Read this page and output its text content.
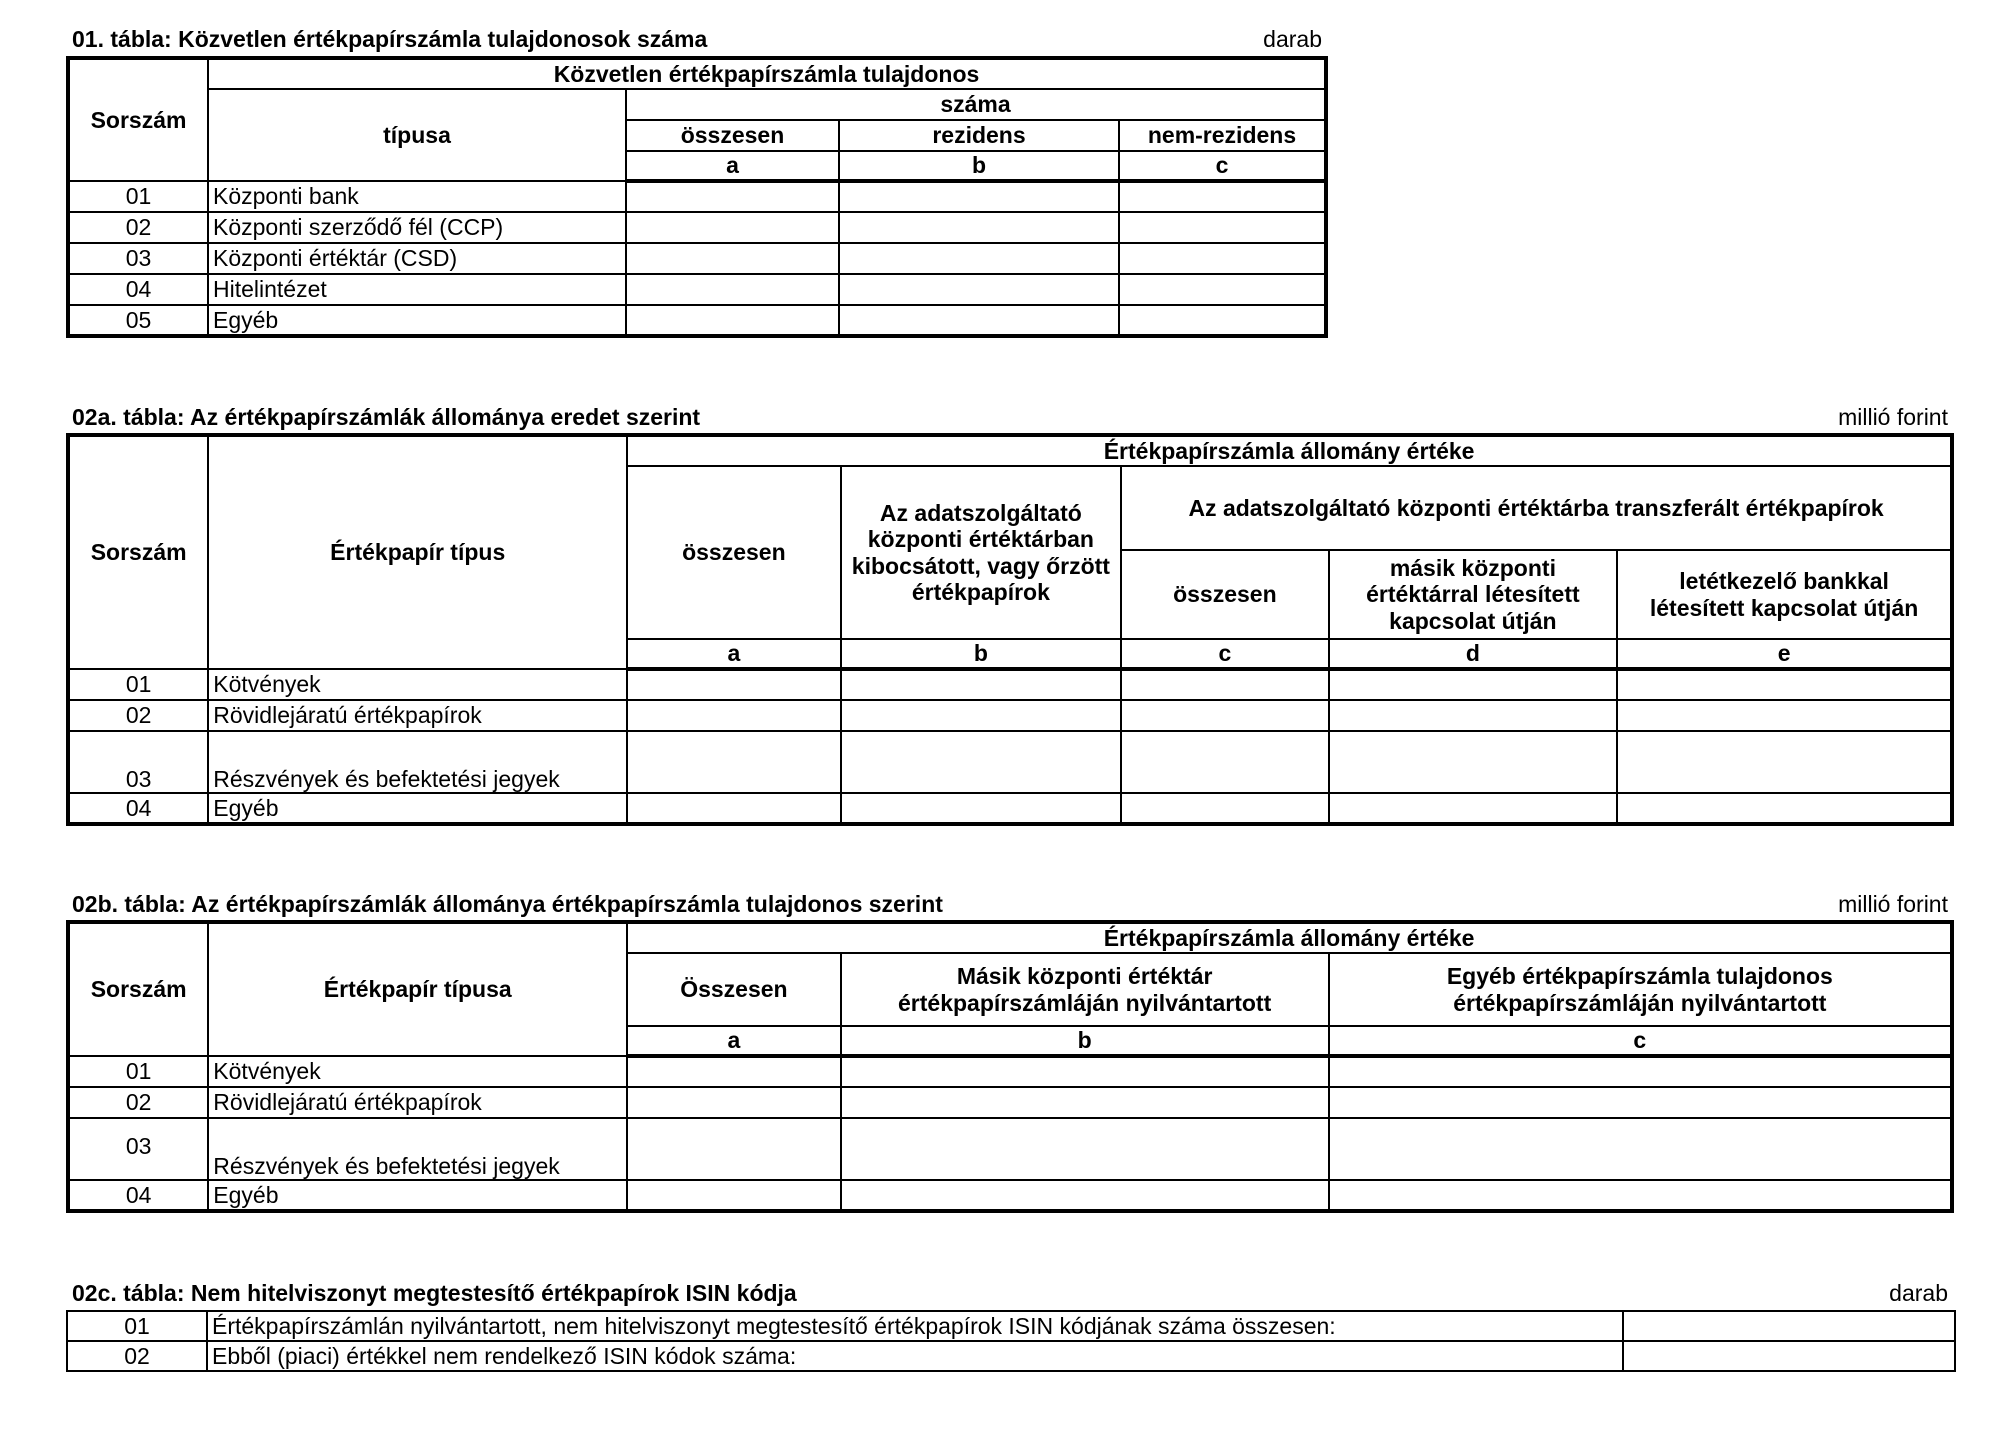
01. tábla: Közvetlen értékpapírszámla tulajdonosok száma	darab
Sorszám	Közvetlen értékpapírszámla tulajdonos			
	típusa	száma		
		összesen	rezidens	nem-rezidens
		a	b	c
01	Központi bank			
02	Központi szerződő fél (CCP)			
03	Központi értéktár (CSD)			
04	Hitelintézet			
05	Egyéb			
02a. tábla: Az értékpapírszámlák állománya eredet szerint	millió forint
Sorszám	Értékpapír típus	Értékpapírszámla állomány értéke				
		összesen	Az adatszolgáltató központi értéktárban kibocsátott, vagy őrzött értékpapírok	Az adatszolgáltató központi értéktárba transzferált értékpapírok		
				összesen	másik központi értéktárral létesített kapcsolat útján	letétkezelő bankkal létesített kapcsolat útján
		a	b	c	d	e
01	Kötvények					
02	Rövidlejáratú értékpapírok					
03	Részvények és befektetési jegyek					
04	Egyéb					
02b. tábla: Az értékpapírszámlák állománya értékpapírszámla tulajdonos szerint	millió forint
Sorszám	Értékpapír típusa	Értékpapírszámla állomány értéke		
		Összesen	Másik központi értéktár értékpapírszámláján nyilvántartott	Egyéb értékpapírszámla tulajdonos értékpapírszámláján nyilvántartott
		a	b	c
01	Kötvények			
02	Rövidlejáratú értékpapírok			
03	Részvények és befektetési jegyek			
04	Egyéb			
02c. tábla: Nem hitelviszonyt megtestesítő értékpapírok ISIN kódja	darab
01	Értékpapírszámlán nyilvántartott, nem hitelviszonyt megtestesítő értékpapírok ISIN kódjának száma összesen:	
02	Ebből (piaci) értékkel nem rendelkező ISIN kódok száma:	
